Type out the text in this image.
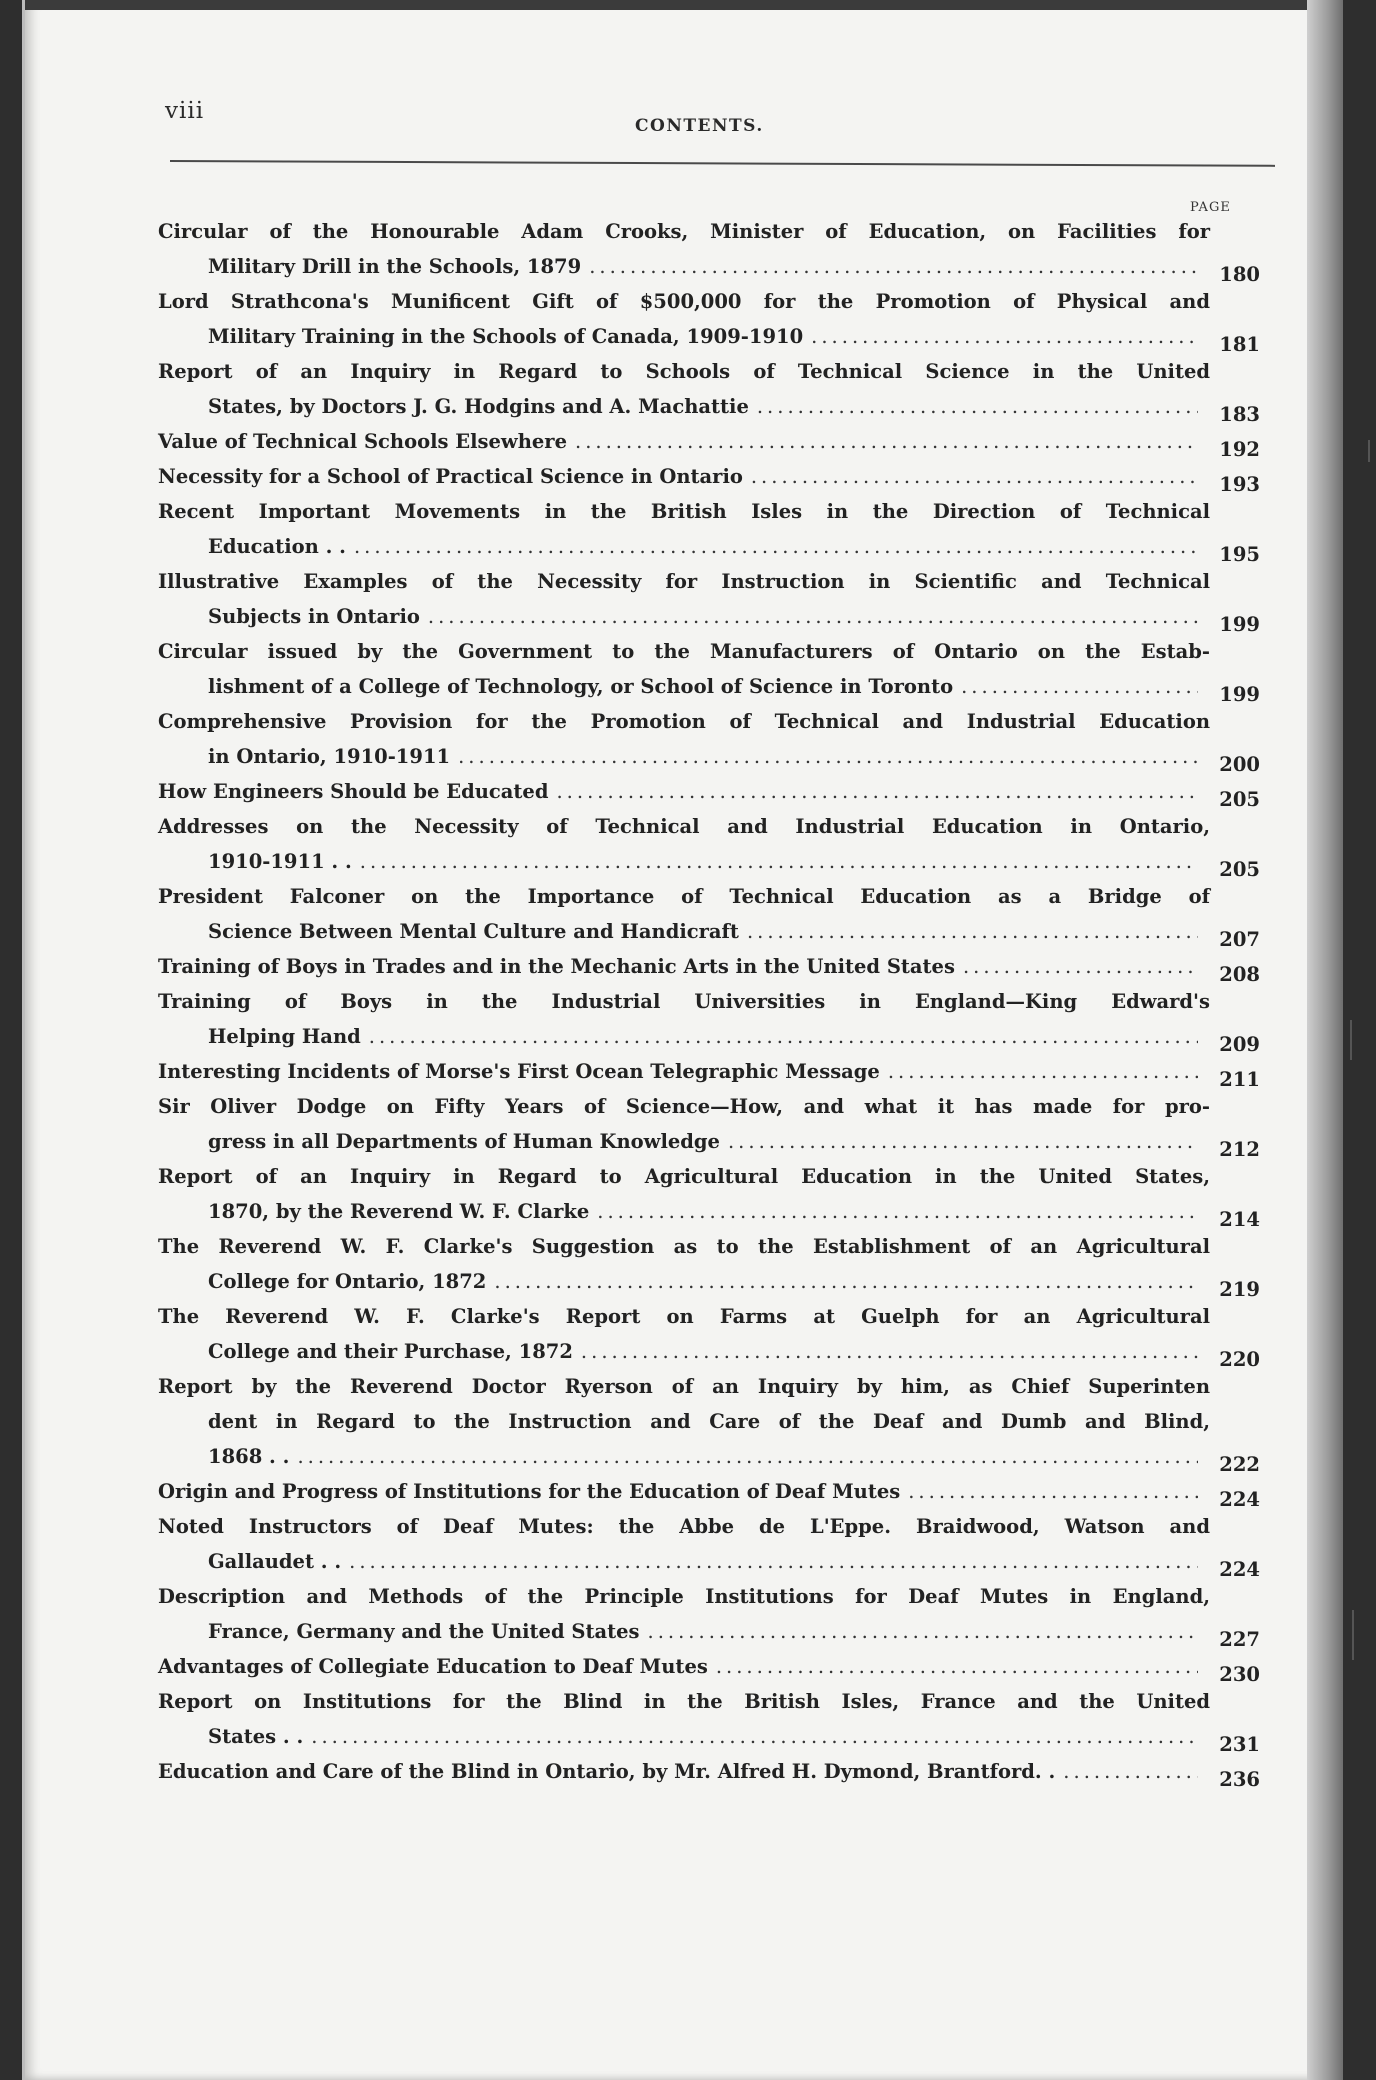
viii
CONTENTS.
PAGE
Circular of the Honourable Adam Crooks, Minister of Education, on Facilities for
Military Drill in the Schools, 1879 .....	180
Lord Strathcona's Munificent Gift of $500,000 for the Promotion of Physical and
Military Training in the Schools of Canada, 1909-1910 .....	181
Report of an Inquiry in Regard to Schools of Technical Science in the United
States, by Doctors J. G. Hodgins and A. Machattie .....	183
Value of Technical Schools Elsewhere .....	192
Necessity for a School of Practical Science in Ontario .....	193
Recent Important Movements in the British Isles in the Direction of Technical
Education . . .....	195
Illustrative Examples of the Necessity for Instruction in Scientific and Technical
Subjects in Ontario .....	199
Circular issued by the Government to the Manufacturers of Ontario on the Estab-
lishment of a College of Technology, or School of Science in Toronto .....	199
Comprehensive Provision for the Promotion of Technical and Industrial Education
in Ontario, 1910-1911 .....	200
How Engineers Should be Educated .....	205
Addresses on the Necessity of Technical and Industrial Education in Ontario,
1910-1911 . . .....	205
President Falconer on the Importance of Technical Education as a Bridge of
Science Between Mental Culture and Handicraft .....	207
Training of Boys in Trades and in the Mechanic Arts in the United States .....	208
Training of Boys in the Industrial Universities in England—King Edward's
Helping Hand .....	209
Interesting Incidents of Morse's First Ocean Telegraphic Message .....	211
Sir Oliver Dodge on Fifty Years of Science—How, and what it has made for pro-
gress in all Departments of Human Knowledge .....	212
Report of an Inquiry in Regard to Agricultural Education in the United States,
1870, by the Reverend W. F. Clarke .....	214
The Reverend W. F. Clarke's Suggestion as to the Establishment of an Agricultural
College for Ontario, 1872 .....	219
The Reverend W. F. Clarke's Report on Farms at Guelph for an Agricultural
College and their Purchase, 1872 .....	220
Report by the Reverend Doctor Ryerson of an Inquiry by him, as Chief Superinten
dent in Regard to the Instruction and Care of the Deaf and Dumb and Blind,
1868 . . .....	222
Origin and Progress of Institutions for the Education of Deaf Mutes .....	224
Noted Instructors of Deaf Mutes: the Abbe de L'Eppe. Braidwood, Watson and
Gallaudet . . .....	224
Description and Methods of the Principle Institutions for Deaf Mutes in England,
France, Germany and the United States .....	227
Advantages of Collegiate Education to Deaf Mutes .....	230
Report on Institutions for the Blind in the British Isles, France and the United
States . . .....	231
Education and Care of the Blind in Ontario, by Mr. Alfred H. Dymond, Brantford. . .....	236
